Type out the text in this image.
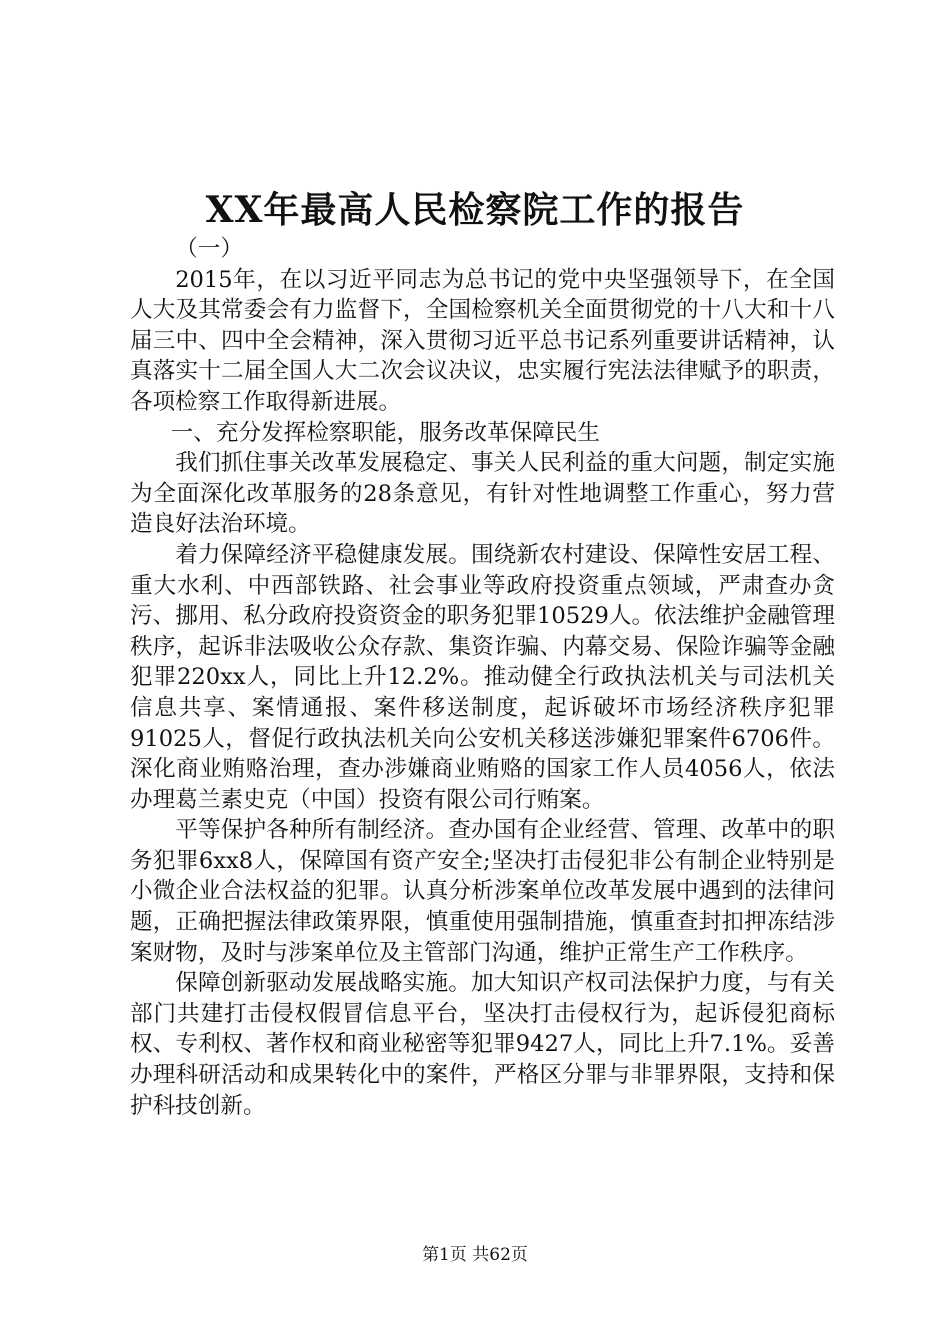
XX年最高人民检察院工作的报告

（一）

2015年，在以习近平同志为总书记的党中央坚强领导下，在全国人大及其常委会有力监督下，全国检察机关全面贯彻党的十八大和十八届三中、四中全会精神，深入贯彻习近平总书记系列重要讲话精神，认真落实十二届全国人大二次会议决议，忠实履行宪法法律赋予的职责，各项检察工作取得新进展。

一、充分发挥检察职能，服务改革保障民生

我们抓住事关改革发展稳定、事关人民利益的重大问题，制定实施为全面深化改革服务的28条意见，有针对性地调整工作重心，努力营造良好法治环境。

着力保障经济平稳健康发展。围绕新农村建设、保障性安居工程、重大水利、中西部铁路、社会事业等政府投资重点领域，严肃查办贪污、挪用、私分政府投资资金的职务犯罪10529人。依法维护金融管理秩序，起诉非法吸收公众存款、集资诈骗、内幕交易、保险诈骗等金融犯罪220xx人，同比上升12.2%。推动健全行政执法机关与司法机关信息共享、案情通报、案件移送制度，起诉破坏市场经济秩序犯罪91025人，督促行政执法机关向公安机关移送涉嫌犯罪案件6706件。深化商业贿赂治理，查办涉嫌商业贿赂的国家工作人员4056人，依法办理葛兰素史克（中国）投资有限公司行贿案。

平等保护各种所有制经济。查办国有企业经营、管理、改革中的职务犯罪6xx8人，保障国有资产安全;坚决打击侵犯非公有制企业特别是小微企业合法权益的犯罪。认真分析涉案单位改革发展中遇到的法律问题，正确把握法律政策界限，慎重使用强制措施，慎重查封扣押冻结涉案财物，及时与涉案单位及主管部门沟通，维护正常生产工作秩序。

保障创新驱动发展战略实施。加大知识产权司法保护力度，与有关部门共建打击侵权假冒信息平台，坚决打击侵权行为，起诉侵犯商标权、专利权、著作权和商业秘密等犯罪9427人，同比上升7.1%。妥善办理科研活动和成果转化中的案件，严格区分罪与非罪界限，支持和保护科技创新。

第1页 共62页
